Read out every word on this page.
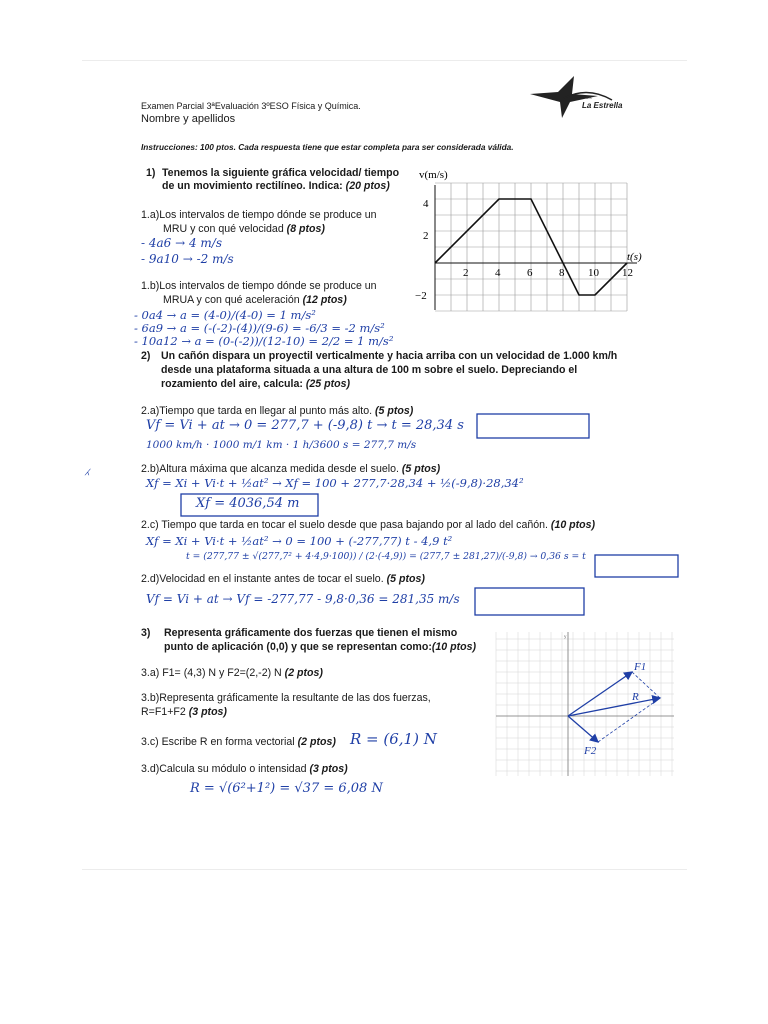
IES
La Estrella
Examen Parcial 3ªEvaluación 3ºESO Física y Química.
Nombre y apellidos
Instrucciones: 100 ptos. Cada respuesta tiene que estar completa para ser considerada válida.
1) Tenemos la siguiente gráfica velocidad/ tiempo
de un movimiento rectilíneo. Indica: (20 ptos)
1.a)Los intervalos de tiempo dónde se produce un
MRU y con qué velocidad (8 ptos)
- 4a6 → 4 m/s
- 9a10 → -2 m/s
1.b)Los intervalos de tiempo dónde se produce un
MRUA y con qué aceleración (12 ptos)
- 0a4 → a = (4-0)/(4-0) = 1 m/s²
- 6a9 → a = (-(-2)-(4))/(9-6) = -6/3 = -2 m/s²
- 10a12 → a = (0-(-2))/(12-10) = 2/2 = 1 m/s²
v(m/s)
t(s)
4
2
−2
2 4 6 8 10 12
2) Un cañón dispara un proyectil verticalmente y hacia arriba con un velocidad de 1.000 km/h
desde una plataforma situada a una altura de 100 m sobre el suelo. Depreciando el
rozamiento del aire, calcula: (25 ptos)
2.a)Tiempo que tarda en llegar al punto más alto. (5 ptos)
Vf = Vi + at → 0 = 277,7 + (-9,8) t → t = 28,34 s
1000 km/h · 1000 m/1 km · 1 h/3600 s = 277,7 m/s
⁁	2.b)Altura máxima que alcanza medida desde el suelo. (5 ptos)
Xf = Xi + Vi·t + ½at² → Xf = 100 + 277,7·28,34 + ½(-9,8)·28,34²
Xf = 4036,54 m
2.c) Tiempo que tarda en tocar el suelo desde que pasa bajando por al lado del cañón. (10 ptos)
Xf = Xi + Vi·t + ½at² → 0 = 100 + (-277,77) t - 4,9 t²
t = (277,77 ± √(277,7² + 4·4,9·100)) / (2·(-4,9)) = (277,7 ± 281,27)/(-9,8) → 0,36 s = t
2.d)Velocidad en el instante antes de tocar el suelo. (5 ptos)
Vf = Vi + at → Vf = -277,77 - 9,8·0,36 = 281,35 m/s
3) Representa gráficamente dos fuerzas que tienen el mismo
punto de aplicación (0,0) y que se representan como:(10 ptos)
3.a) F1= (4,3) N y F2=(2,-2) N (2 ptos)
3.b)Representa gráficamente la resultante de las dos fuerzas,
R=F1+F2 (3 ptos)
3.c) Escribe R en forma vectorial (2 ptos) R = (6,1) N
3.d)Calcula su módulo o intensidad (3 ptos)
R = √(6²+1²) = √37 = 6,08 N
y
F1
F2
R
